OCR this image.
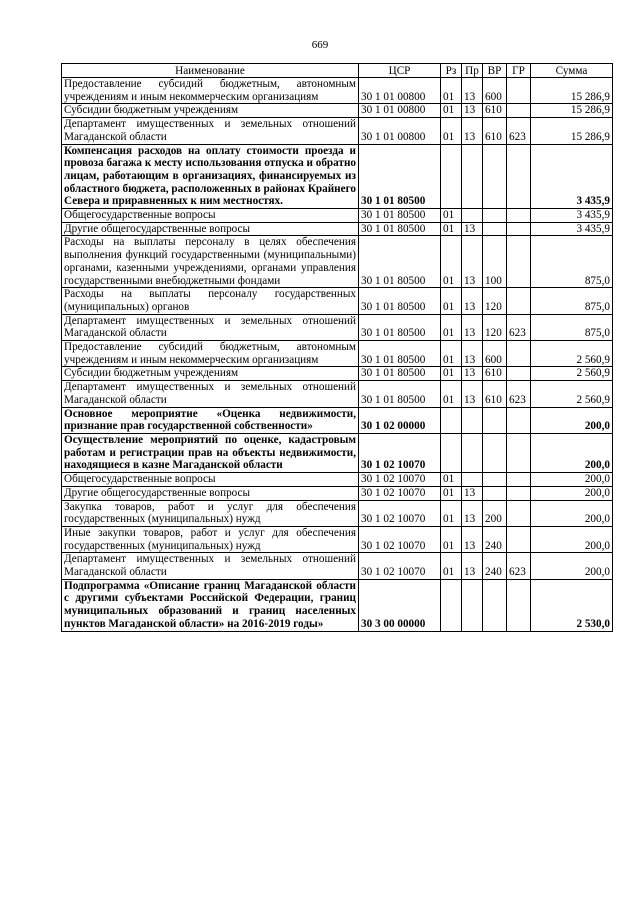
669
Наименование	ЦСР	Рз	Пр	ВР	ГР	Сумма
Предоставление субсидий бюджетным, автономным учреждениям и иным некоммерческим организациям	30 1 01 00800	01	13	600		15 286,9
Субсидии бюджетным учреждениям	30 1 01 00800	01	13	610		15 286,9
Департамент имущественных и земельных отношений Магаданской области	30 1 01 00800	01	13	610	623	15 286,9
Компенсация расходов на оплату стоимости проезда и провоза багажа к месту использования отпуска и обратно лицам, работающим в организациях, финансируемых из областного бюджета, расположенных в районах Крайнего Севера и приравненных к ним местностях.	30 1 01 80500					3 435,9
Общегосударственные вопросы	30 1 01 80500	01				3 435,9
Другие общегосударственные вопросы	30 1 01 80500	01	13			3 435,9
Расходы на выплаты персоналу в целях обеспечения выполнения функций государственными (муниципальными) органами, казенными учреждениями, органами управления государственными внебюджетными фондами	30 1 01 80500	01	13	100		875,0
Расходы на выплаты персоналу государственных (муниципальных) органов	30 1 01 80500	01	13	120		875,0
Департамент имущественных и земельных отношений Магаданской области	30 1 01 80500	01	13	120	623	875,0
Предоставление субсидий бюджетным, автономным учреждениям и иным некоммерческим организациям	30 1 01 80500	01	13	600		2 560,9
Субсидии бюджетным учреждениям	30 1 01 80500	01	13	610		2 560,9
Департамент имущественных и земельных отношений Магаданской области	30 1 01 80500	01	13	610	623	2 560,9
Основное мероприятие «Оценка недвижимости, признание прав государственной собственности»	30 1 02 00000					200,0
Осуществление мероприятий по оценке, кадастровым работам и регистрации прав на объекты недвижимости, находящиеся в казне Магаданской области	30 1 02 10070					200,0
Общегосударственные вопросы	30 1 02 10070	01				200,0
Другие общегосударственные вопросы	30 1 02 10070	01	13			200,0
Закупка товаров, работ и услуг для обеспечения государственных (муниципальных) нужд	30 1 02 10070	01	13	200		200,0
Иные закупки товаров, работ и услуг для обеспечения государственных (муниципальных) нужд	30 1 02 10070	01	13	240		200,0
Департамент имущественных и земельных отношений Магаданской области	30 1 02 10070	01	13	240	623	200,0
Подпрограмма «Описание границ Магаданской области с другими субъектами Российской Федерации, границ муниципальных образований и границ населенных пунктов Магаданской области» на 2016-2019 годы»	30 3 00 00000					2 530,0
